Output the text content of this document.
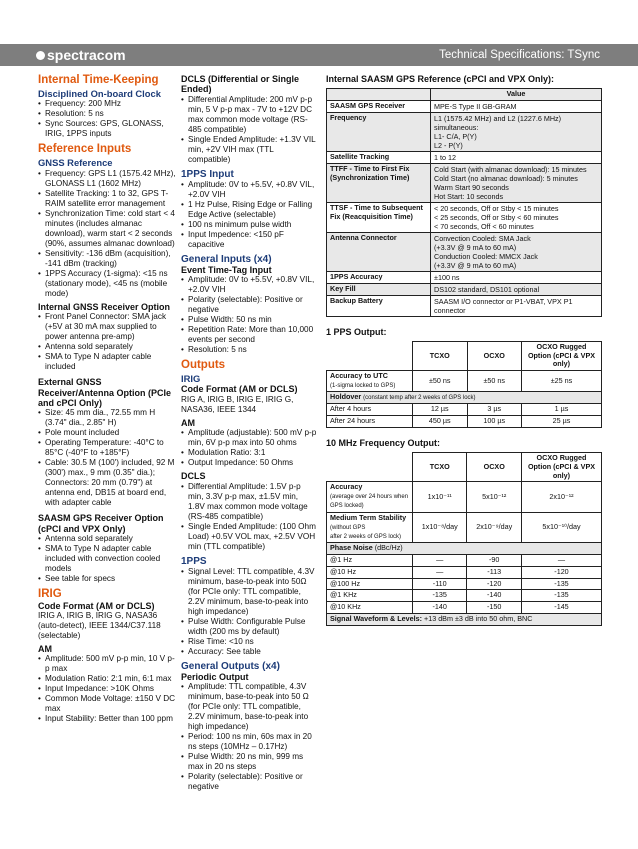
spectracom	Technical Specifications: TSync
Internal Time-Keeping
Disciplined On-board Clock
• Frequency: 200 MHz
• Resolution: 5 ns
• Sync Sources: GPS, GLONASS, IRIG, 1PPS inputs
Reference Inputs
GNSS Reference
• Frequency: GPS L1 (1575.42 MHz), GLONASS L1 (1602 MHz)
• Satellite Tracking: 1 to 32, GPS T-RAIM satellite error management
• Synchronization Time: cold start < 4 minutes (includes almanac download), warm start < 2 seconds (90%, assumes almanac download)
• Sensitivity: -136 dBm (acquisition), -141 dBm (tracking)
• 1PPS Accuracy (1-sigma): <15 ns (stationary mode), <45 ns (mobile mode)
Internal GNSS Receiver Option
• Front Panel Connector: SMA jack (+5V at 30 mA max supplied to power antenna pre-amp)
• Antenna sold separately
• SMA to Type N adapter cable included
External GNSS Receiver/Antenna Option (PCIe and cPCI Only)
• Size: 45 mm dia., 72.55 mm H (3.74" dia., 2.85" H)
• Pole mount included
• Operating Temperature: -40°C to 85°C (-40°F to +185°F)
• Cable: 30.5 M (100') included, 92 M (300') max., 9 mm (0.35" dia.); Connectors: 20 mm (0.79") at antenna end, DB15 at board end, with adapter cable
SAASM GPS Receiver Option (cPCI and VPX Only)
• Antenna sold separately
• SMA to Type N adapter cable included with convection cooled models
• See table for specs
IRIG
Code Format (AM or DCLS)
IRIG A, IRIG B, IRIG G, NASA36 (auto-detect), IEEE 1344/C37.118 (selectable)
AM
• Amplitude: 500 mV p-p min, 10 V p-p max
• Modulation Ratio: 2:1 min, 6:1 max
• Input Impedance: >10K Ohms
• Common Mode Voltage: ±150 V DC max
• Input Stability: Better than 100 ppm
DCLS (Differential or Single Ended)
• Differential Amplitude: 200 mV p-p min, 5 V p-p max - 7V to +12V DC max common mode voltage (RS-485 compatible)
• Single Ended Amplitude: +1.3V VIL min, +2V VIH max (TTL compatible)
1PPS Input
• Amplitude: 0V to +5.5V, +0.8V VIL, +2.0V VIH
• 1 Hz Pulse, Rising Edge or Falling Edge Active (selectable)
• 100 ns minimum pulse width
• Input Impedence: <150 pF capacitive
General Inputs (x4)
Event Time-Tag Input
• Amplitude: 0V to +5.5V, +0.8V VIL, +2.0V VIH
• Polarity (selectable): Positive or negative
• Pulse Width: 50 ns min
• Repetition Rate: More than 10,000 events per second
• Resolution: 5 ns
Outputs
IRIG
Code Format (AM or DCLS)
RIG A, IRIG B, IRIG E, IRIG G, NASA36, IEEE 1344
AM
• Amplitude (adjustable): 500 mV p-p min, 6V p-p max into 50 ohms
• Modulation Ratio: 3:1
• Output Impedance: 50 Ohms
DCLS
• Differential Amplitude: 1.5V p-p min, 3.3V p-p max, ±1.5V min, 1.8V max common mode voltage (RS-485 compatible)
• Single Ended Amplitude: (100 Ohm Load) +0.5V VOL max, +2.5V VOH min (TTL compatible)
1PPS
• Signal Level: TTL compatible, 4.3V minimum, base-to-peak into 50Ω (for PCIe only: TTL compatible, 2.2V minimum, base-to-peak into high impedance)
• Pulse Width: Configurable Pulse width (200 ms by default)
• Rise Time: <10 ns
• Accuracy: See table
General Outputs (x4)
Periodic Output
• Amplitude: TTL compatible, 4.3V minimum, base-to-peak into 50 Ω (for PCIe only: TTL compatible, 2.2V minimum, base-to-peak into high impedance)
• Period: 100 ns min, 60s max in 20 ns steps (10MHz – 0.17Hz)
• Pulse Width: 20 ns min, 999 ms max in 20 ns steps
• Polarity (selectable): Positive or negative
Internal SAASM GPS Reference (cPCI and VPX Only):
	Value
SAASM GPS Receiver	MPE-S Type II GB-GRAM

Frequency	L1 (1575.42 MHz) and L2 (1227.6 MHz)
simultaneous:
L1- C/A, P(Y)
L2 - P(Y)

Satellite Tracking	1 to 12

TTFF - Time to First Fix (Synchronization Time)	Cold Start (with almanac download): 15 minutes
Cold Start (no almanac download): 5 minutes
Warm Start 90 seconds
Hot Start: 10 seconds

TTSF - Time to Subsequent Fix (Reacquisition Time)	< 20 seconds, Off or Stby < 15 minutes
< 25 seconds, Off or Stby < 60 minutes
< 70 seconds, Off < 60 minutes

Antenna Connector	Convection Cooled: SMA Jack
(+3.3V @ 9 mA to 60 mA)
Conduction Cooled: MMCX Jack
(+3.3V @ 9 mA to 60 mA)

1PPS Accuracy	±100 ns

Key Fill	DS102 standard, DS101 optional

Backup Battery	SAASM I/O connector or P1-VBAT, VPX P1 connector
1 PPS Output:
	TCXO	OCXO	OCXO Rugged Option (cPCI & VPX only)
Accuracy to UTC
(1-sigma locked to GPS)	±50 ns	±50 ns	±25 ns
Holdover (constant temp after 2 weeks of GPS lock)			
After 4 hours	12 µs	3 µs	1 µs
After 24 hours	450 µs	100 µs	25 µs
10 MHz Frequency Output:
	TCXO	OCXO	OCXO Rugged Option (cPCI & VPX only)
Accuracy
(average over 24 hours when GPS locked)	1x10⁻¹¹	5x10⁻¹²	2x10⁻¹²
Medium Term Stability (without GPS
after 2 weeks of GPS lock)	1x10⁻⁸/day	2x10⁻⁹/day	5x10⁻¹⁰/day
Phase Noise (dBc/Hz)			
@1 Hz	—	-90	—
@10 Hz	—	-113	-120
@100 Hz	-110	-120	-135
@1 KHz	-135	-140	-135
@10 KHz	-140	-150	-145
Signal Waveform & Levels: +13 dBm ±3 dB into 50 ohm, BNC			
